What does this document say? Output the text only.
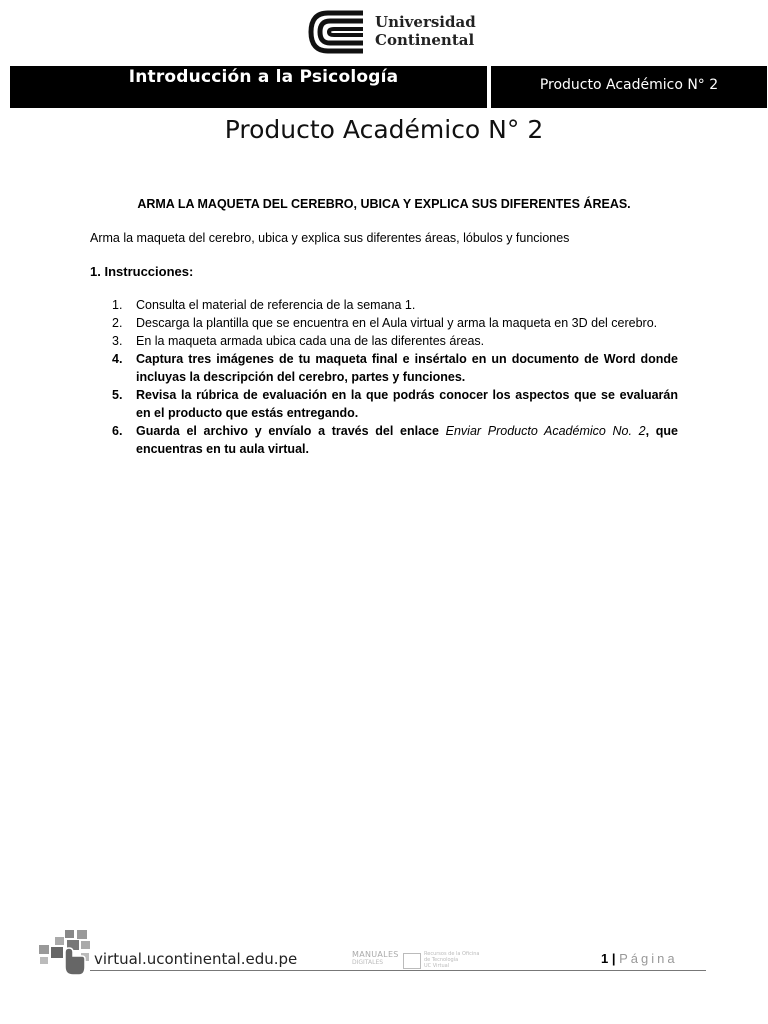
Universidad
Continental
Introducción a la Psicología	Producto Académico N° 2
Producto Académico N° 2
ARMA LA MAQUETA DEL CEREBRO, UBICA Y EXPLICA SUS DIFERENTES ÁREAS.
Arma la maqueta del cerebro, ubica y explica sus diferentes áreas, lóbulos y funciones
1. Instrucciones:
1. Consulta el material de referencia de la semana 1.
2. Descarga la plantilla que se encuentra en el Aula virtual y arma la maqueta en 3D del cerebro.
3. En la maqueta armada ubica cada una de las diferentes áreas.
4. Captura tres imágenes de tu maqueta final e insértalo en un documento de Word donde incluyas la descripción del cerebro, partes y funciones.
5. Revisa la rúbrica de evaluación en la que podrás conocer los aspectos que se evaluarán en el producto que estás entregando.
6. Guarda el archivo y envíalo a través del enlace Enviar Producto Académico No. 2, que encuentras en tu aula virtual.
virtual.ucontinental.edu.pe	MANUALES
DIGITALES
Recursos de la Oficina
de Tecnología
UC Virtual	1 | Página
